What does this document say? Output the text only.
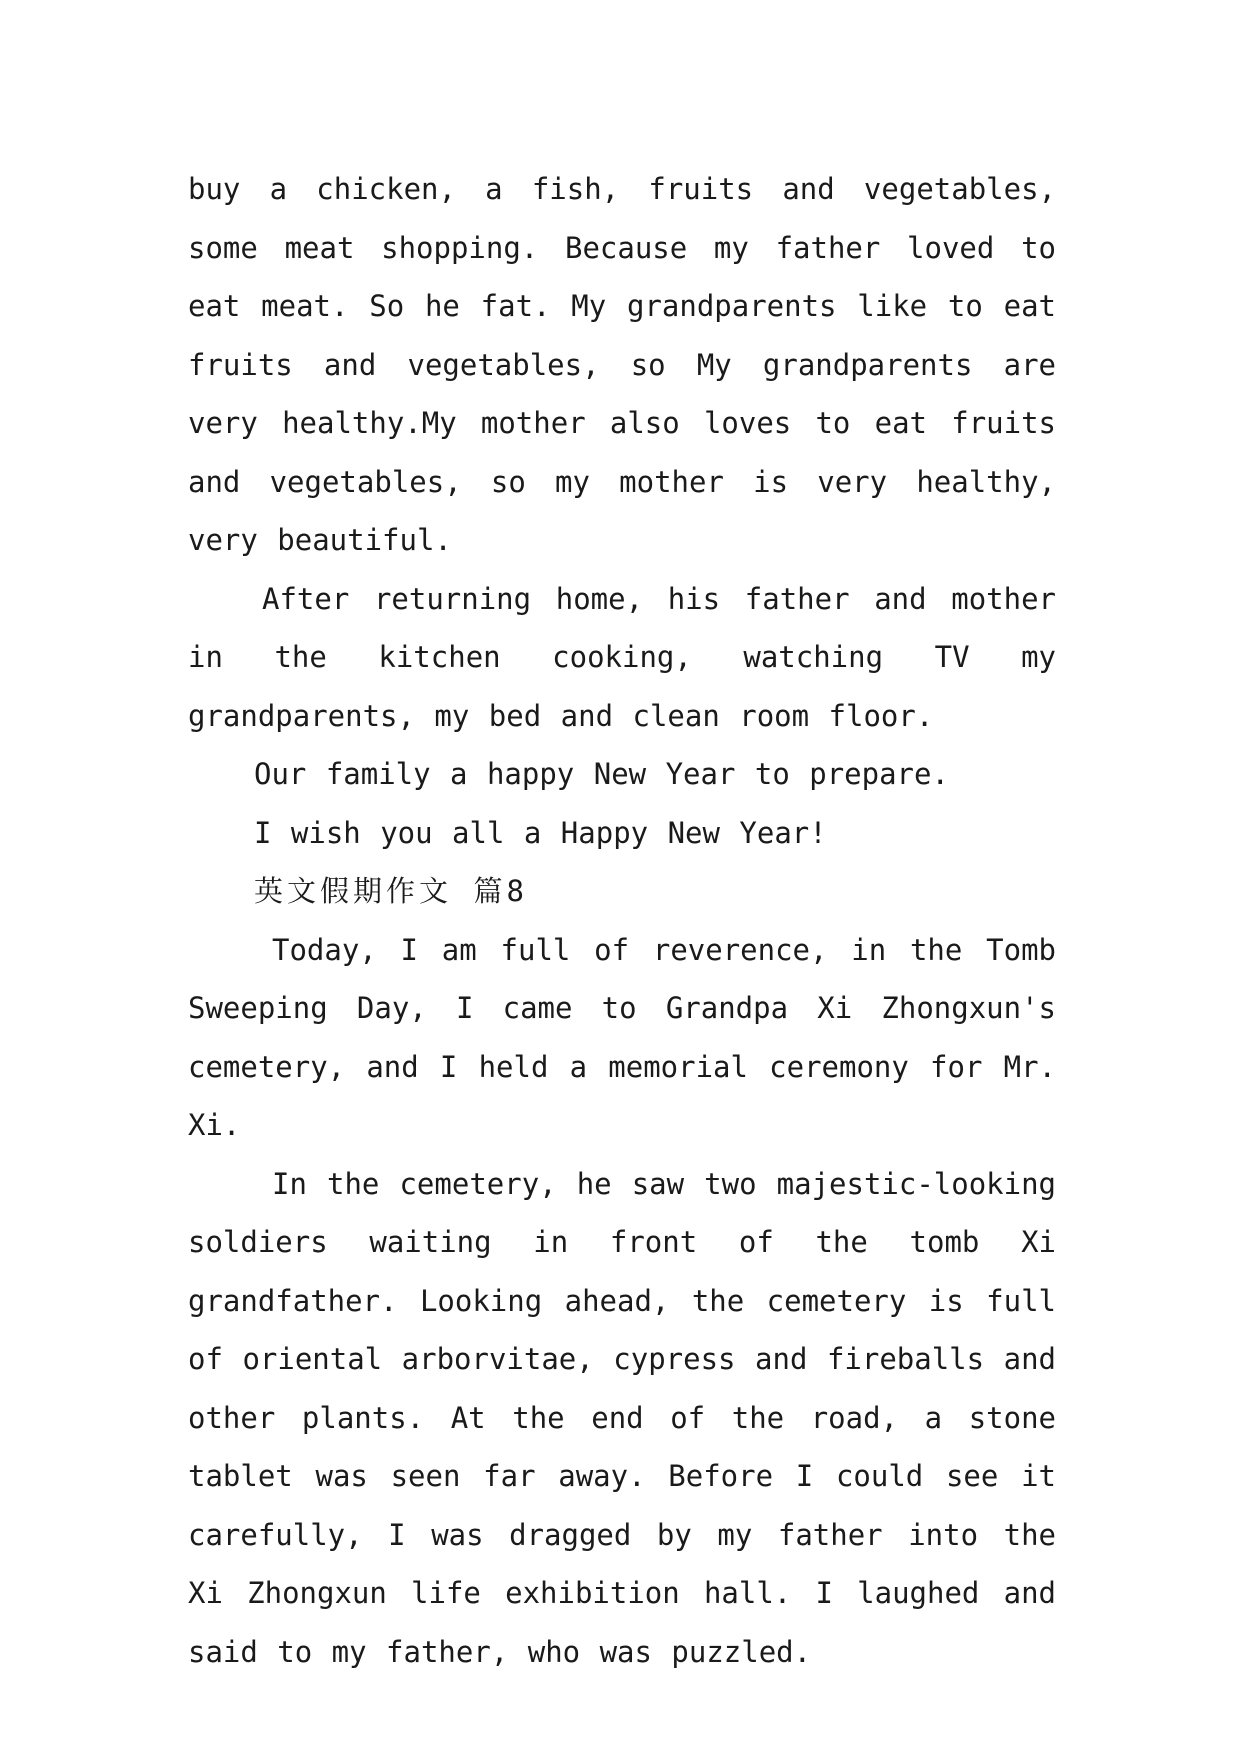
buy a chicken, a fish, fruits and vegetables, some meat shopping. Because my father loved to eat meat. So he fat. My grandparents like to eat fruits and vegetables, so My grandparents are very healthy.My mother also loves to eat fruits and vegetables, so my mother is very healthy, very beautiful.

After returning home, his father and mother in the kitchen cooking, watching TV my grandparents, my bed and clean room floor.

Our family a happy New Year to prepare.

I wish you all a Happy New Year!

英文假期作文 篇8

Today, I am full of reverence, in the Tomb Sweeping Day, I came to Grandpa Xi Zhongxun's cemetery, and I held a memorial ceremony for Mr. Xi.

In the cemetery, he saw two majestic-looking soldiers waiting in front of the tomb Xi grandfather. Looking ahead, the cemetery is full of oriental arborvitae, cypress and fireballs and other plants. At the end of the road, a stone tablet was seen far away. Before I could see it carefully, I was dragged by my father into the Xi Zhongxun life exhibition hall. I laughed and said to my father, who was puzzled.
